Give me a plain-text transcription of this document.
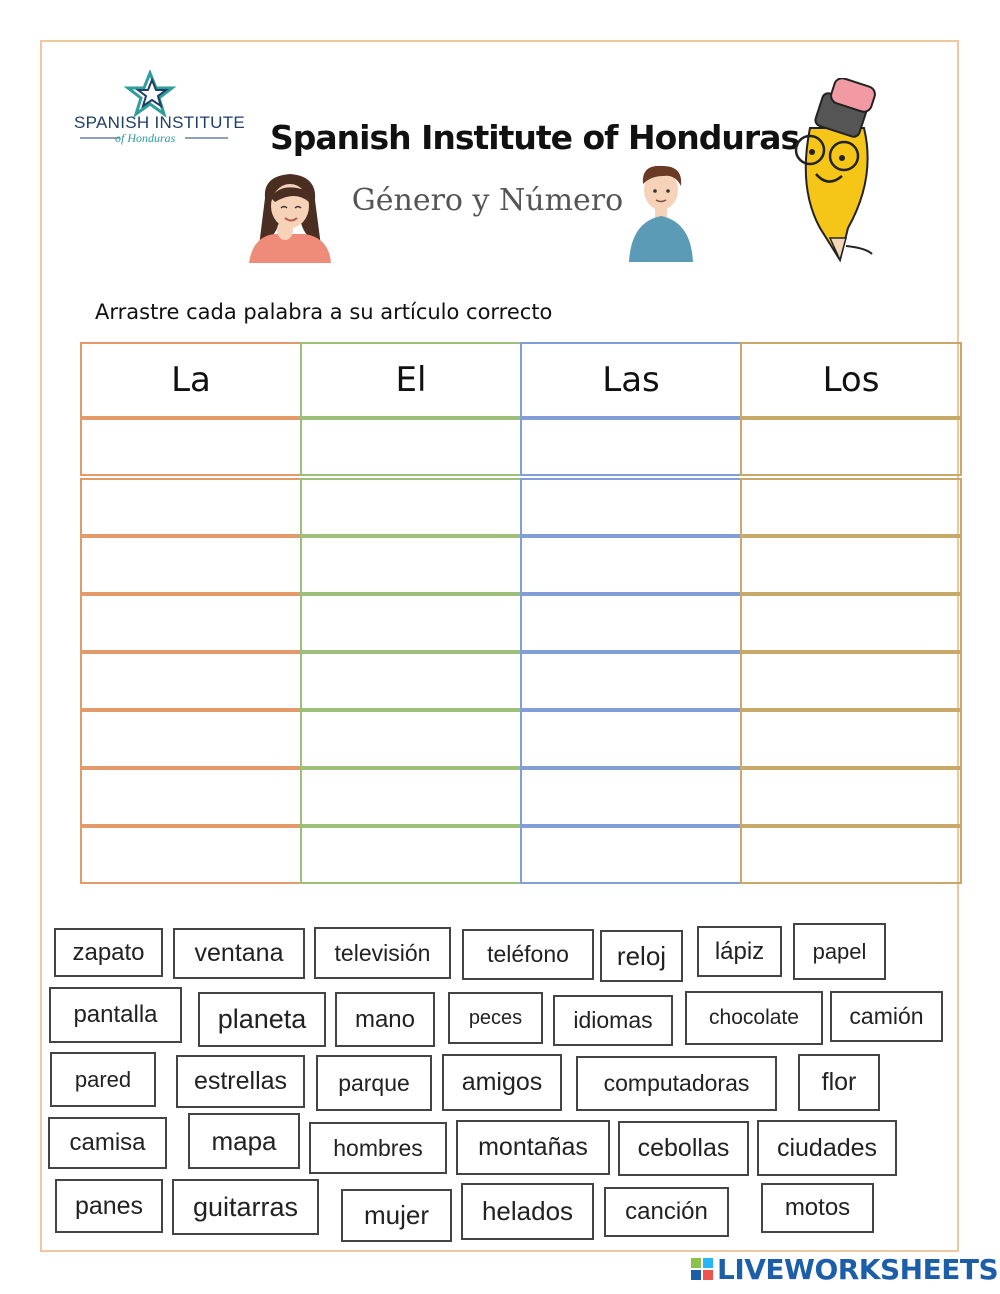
SPANISH INSTITUTE
of Honduras	Spanish Institute of Honduras
Género y Número
Arrastre cada palabra a su artículo correcto
La	El	Las	Los
zapato	ventana	televisión	teléfono	reloj	lápiz	papel
pantalla	planeta	mano	peces	idiomas	chocolate	camión
pared	estrellas	parque	amigos	computadoras	flor
camisa	mapa	hombres	montañas	cebollas	ciudades
panes	guitarras	mujer	helados	canción	motos
LIVEWORKSHEETS
